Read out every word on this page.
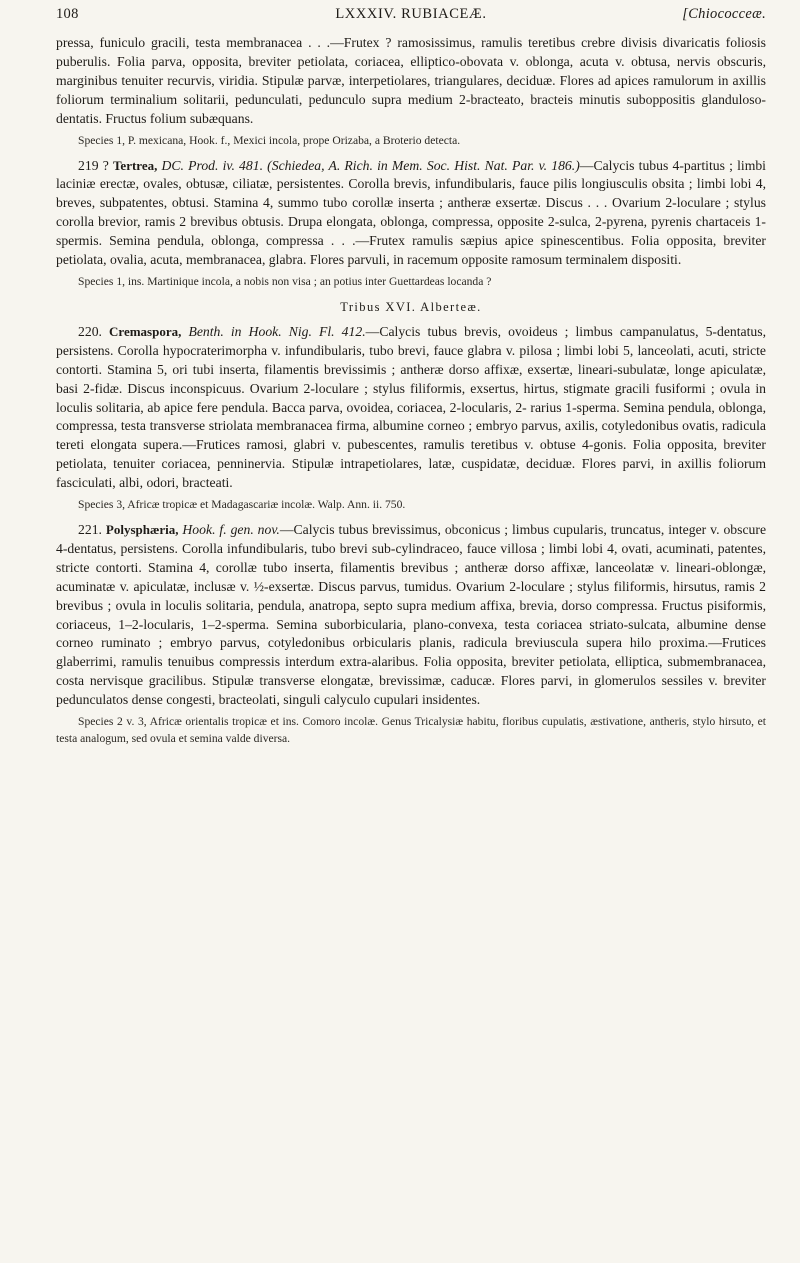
108	LXXXIV. RUBIACEÆ.	[Chiococceæ.

pressa, funiculo gracili, testa membranacea . . .—Frutex ? ramosissimus, ramulis teretibus crebre divisis divaricatis foliosis puberulis. Folia parva, opposita, breviter petiolata, coriacea, elliptico-obovata v. oblonga, acuta v. obtusa, nervis obscuris, marginibus tenuiter recurvis, viridia. Stipulæ parvæ, interpetiolares, triangulares, deciduæ. Flores ad apices ramulorum in axillis foliorum terminalium solitarii, pedunculati, pedunculo supra medium 2-bracteato, bracteis minutis suboppositis glanduloso-dentatis. Fructus folium subæquans.

Species 1, P. mexicana, Hook. f., Mexici incola, prope Orizaba, a Broterio detecta.

219 ? Tertrea, DC. Prod. iv. 481. (Schiedea, A. Rich. in Mem. Soc. Hist. Nat. Par. v. 186.)—Calycis tubus 4-partitus ; limbi laciniæ erectæ, ovales, obtusæ, ciliatæ, persistentes. Corolla brevis, infundibularis, fauce pilis longiusculis obsita ; limbi lobi 4, breves, subpatentes, obtusi. Stamina 4, summo tubo corollæ inserta ; antheræ exsertæ. Discus . . . Ovarium 2-loculare ; stylus corolla brevior, ramis 2 brevibus obtusis. Drupa elongata, oblonga, compressa, opposite 2-sulca, 2-pyrena, pyrenis chartaceis 1-spermis. Semina pendula, oblonga, compressa . . .—Frutex ramulis sæpius apice spinescentibus. Folia opposita, breviter petiolata, ovalia, acuta, membranacea, glabra. Flores parvuli, in racemum opposite ramosum terminalem dispositi.

Species 1, ins. Martinique incola, a nobis non visa ; an potius inter Guettardeas locanda ?

Tribus XVI. Alberteæ.

220. Cremaspora, Benth. in Hook. Nig. Fl. 412.—Calycis tubus brevis, ovoideus ; limbus campanulatus, 5-dentatus, persistens. Corolla hypocraterimorpha v. infundibularis, tubo brevi, fauce glabra v. pilosa ; limbi lobi 5, lanceolati, acuti, stricte contorti. Stamina 5, ori tubi inserta, filamentis brevissimis ; antheræ dorso affixæ, exsertæ, lineari-subulatæ, longe apiculatæ, basi 2-fidæ. Discus inconspicuus. Ovarium 2-loculare ; stylus filiformis, exsertus, hirtus, stigmate gracili fusiformi ; ovula in loculis solitaria, ab apice fere pendula. Bacca parva, ovoidea, coriacea, 2-locularis, 2- rarius 1-sperma. Semina pendula, oblonga, compressa, testa transverse striolata membranacea firma, albumine corneo ; embryo parvus, axilis, cotyledonibus ovatis, radicula tereti elongata supera.—Frutices ramosi, glabri v. pubescentes, ramulis teretibus v. obtuse 4-gonis. Folia opposita, breviter petiolata, tenuiter coriacea, penninervia. Stipulæ intrapetiolares, latæ, cuspidatæ, deciduæ. Flores parvi, in axillis foliorum fasciculati, albi, odori, bracteati.

Species 3, Africæ tropicæ et Madagascariæ incolæ. Walp. Ann. ii. 750.

221. Polysphæria, Hook. f. gen. nov.—Calycis tubus brevissimus, obconicus ; limbus cupularis, truncatus, integer v. obscure 4-dentatus, persistens. Corolla infundibularis, tubo brevi sub-cylindraceo, fauce villosa ; limbi lobi 4, ovati, acuminati, patentes, stricte contorti. Stamina 4, corollæ tubo inserta, filamentis brevibus ; antheræ dorso affixæ, lanceolatæ v. lineari-oblongæ, acuminatæ v. apiculatæ, inclusæ v. ½-exsertæ. Discus parvus, tumidus. Ovarium 2-loculare ; stylus filiformis, hirsutus, ramis 2 brevibus ; ovula in loculis solitaria, pendula, anatropa, septo supra medium affixa, brevia, dorso compressa. Fructus pisiformis, coriaceus, 1–2-locularis, 1–2-sperma. Semina suborbicularia, plano-convexa, testa coriacea striato-sulcata, albumine dense corneo ruminato ; embryo parvus, cotyledonibus orbicularis planis, radicula breviuscula supera hilo proxima.—Frutices glaberrimi, ramulis tenuibus compressis interdum extra-alaribus. Folia opposita, breviter petiolata, elliptica, submembranacea, costa nervisque gracilibus. Stipulæ transverse elongatæ, brevissimæ, caducæ. Flores parvi, in glomerulos sessiles v. breviter pedunculatos dense congesti, bracteolati, singuli calyculo cupulari insidentes.

Species 2 v. 3, Africæ orientalis tropicæ et ins. Comoro incolæ. Genus Tricalysiæ habitu, floribus cupulatis, æstivatione, antheris, stylo hirsuto, et testa analogum, sed ovula et semina valde diversa.
